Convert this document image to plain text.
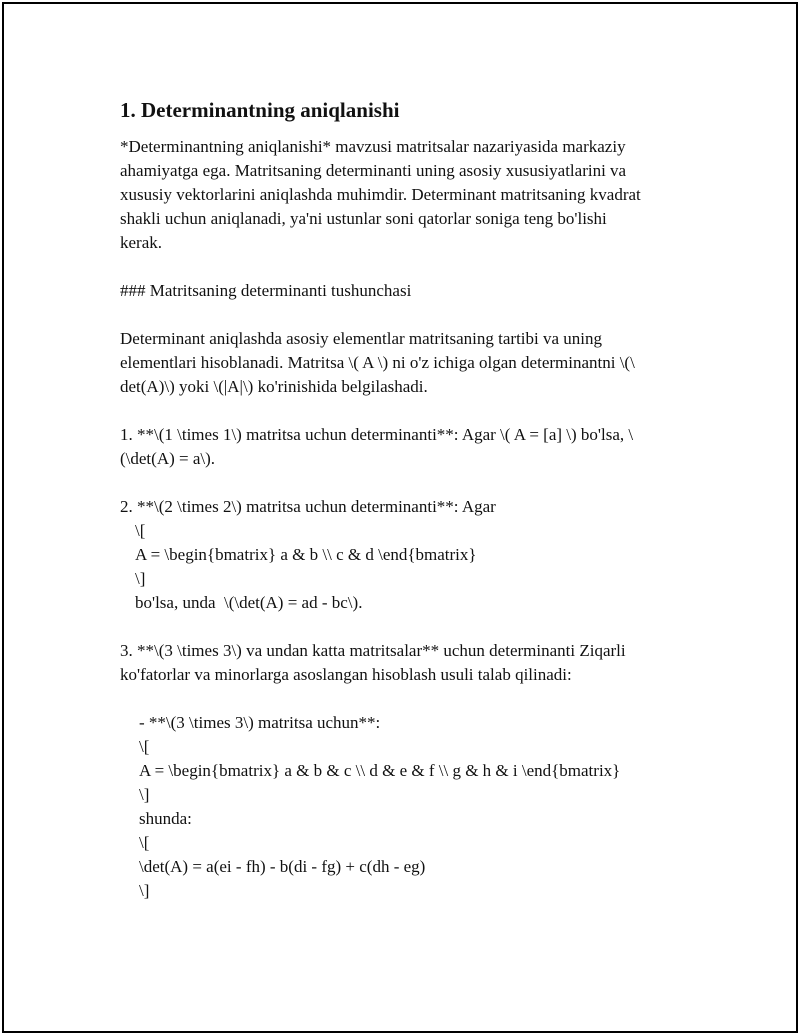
1. Determinantning aniqlanishi
*Determinantning aniqlanishi* mavzusi matritsalar nazariyasida markaziy
ahamiyatga ega. Matritsaning determinanti uning asosiy xususiyatlarini va
xususiy vektorlarini aniqlashda muhimdir. Determinant matritsaning kvadrat
shakli uchun aniqlanadi, ya'ni ustunlar soni qatorlar soniga teng bo'lishi
kerak.
### Matritsaning determinanti tushunchasi
Determinant aniqlashda asosiy elementlar matritsaning tartibi va uning
elementlari hisoblanadi. Matritsa \( A \) ni o'z ichiga olgan determinantni \(\
det(A)\) yoki \(|A|\) ko'rinishida belgilashadi.
1. **\(1 \times 1\) matritsa uchun determinanti**: Agar \( A = [a] \) bo'lsa, \
(\det(A) = a\).
2. **\(2 \times 2\) matritsa uchun determinanti**: Agar
\[
A = \begin{bmatrix} a & b \\ c & d \end{bmatrix}
\]
bo'lsa, unda  \(\det(A) = ad - bc\).
3. **\(3 \times 3\) va undan katta matritsalar** uchun determinanti Ziqarli
ko'fatorlar va minorlarga asoslangan hisoblash usuli talab qilinadi:
- **\(3 \times 3\) matritsa uchun**:
\[
A = \begin{bmatrix} a & b & c \\ d & e & f \\ g & h & i \end{bmatrix}
\]
shunda:
\[
\det(A) = a(ei - fh) - b(di - fg) + c(dh - eg)
\]
